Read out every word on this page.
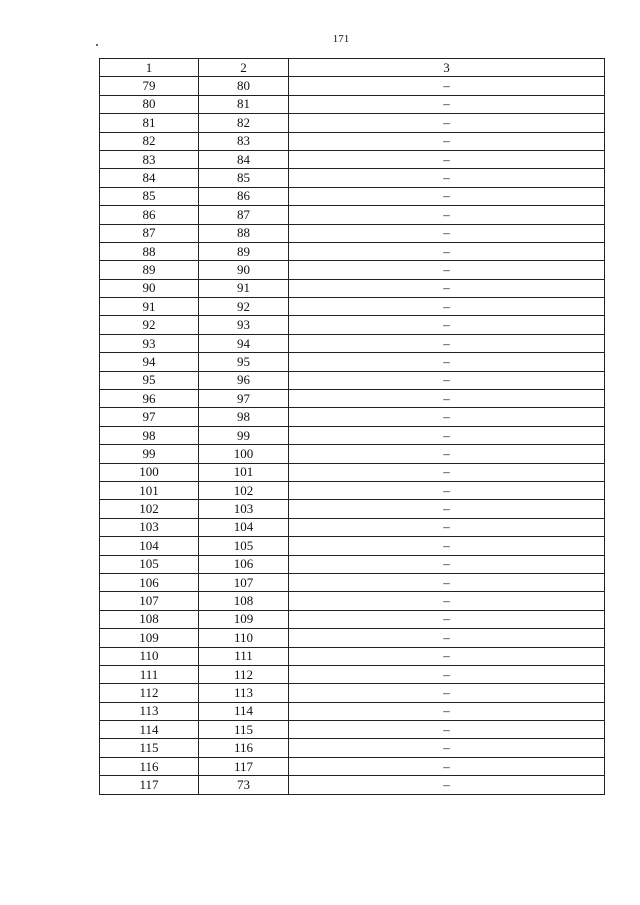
171
1	2	3
79	80	–
80	81	–
81	82	–
82	83	–
83	84	–
84	85	–
85	86	–
86	87	–
87	88	–
88	89	–
89	90	–
90	91	–
91	92	–
92	93	–
93	94	–
94	95	–
95	96	–
96	97	–
97	98	–
98	99	–
99	100	–
100	101	–
101	102	–
102	103	–
103	104	–
104	105	–
105	106	–
106	107	–
107	108	–
108	109	–
109	110	–
110	111	–
111	112	–
112	113	–
113	114	–
114	115	–
115	116	–
116	117	–
117	73	–
